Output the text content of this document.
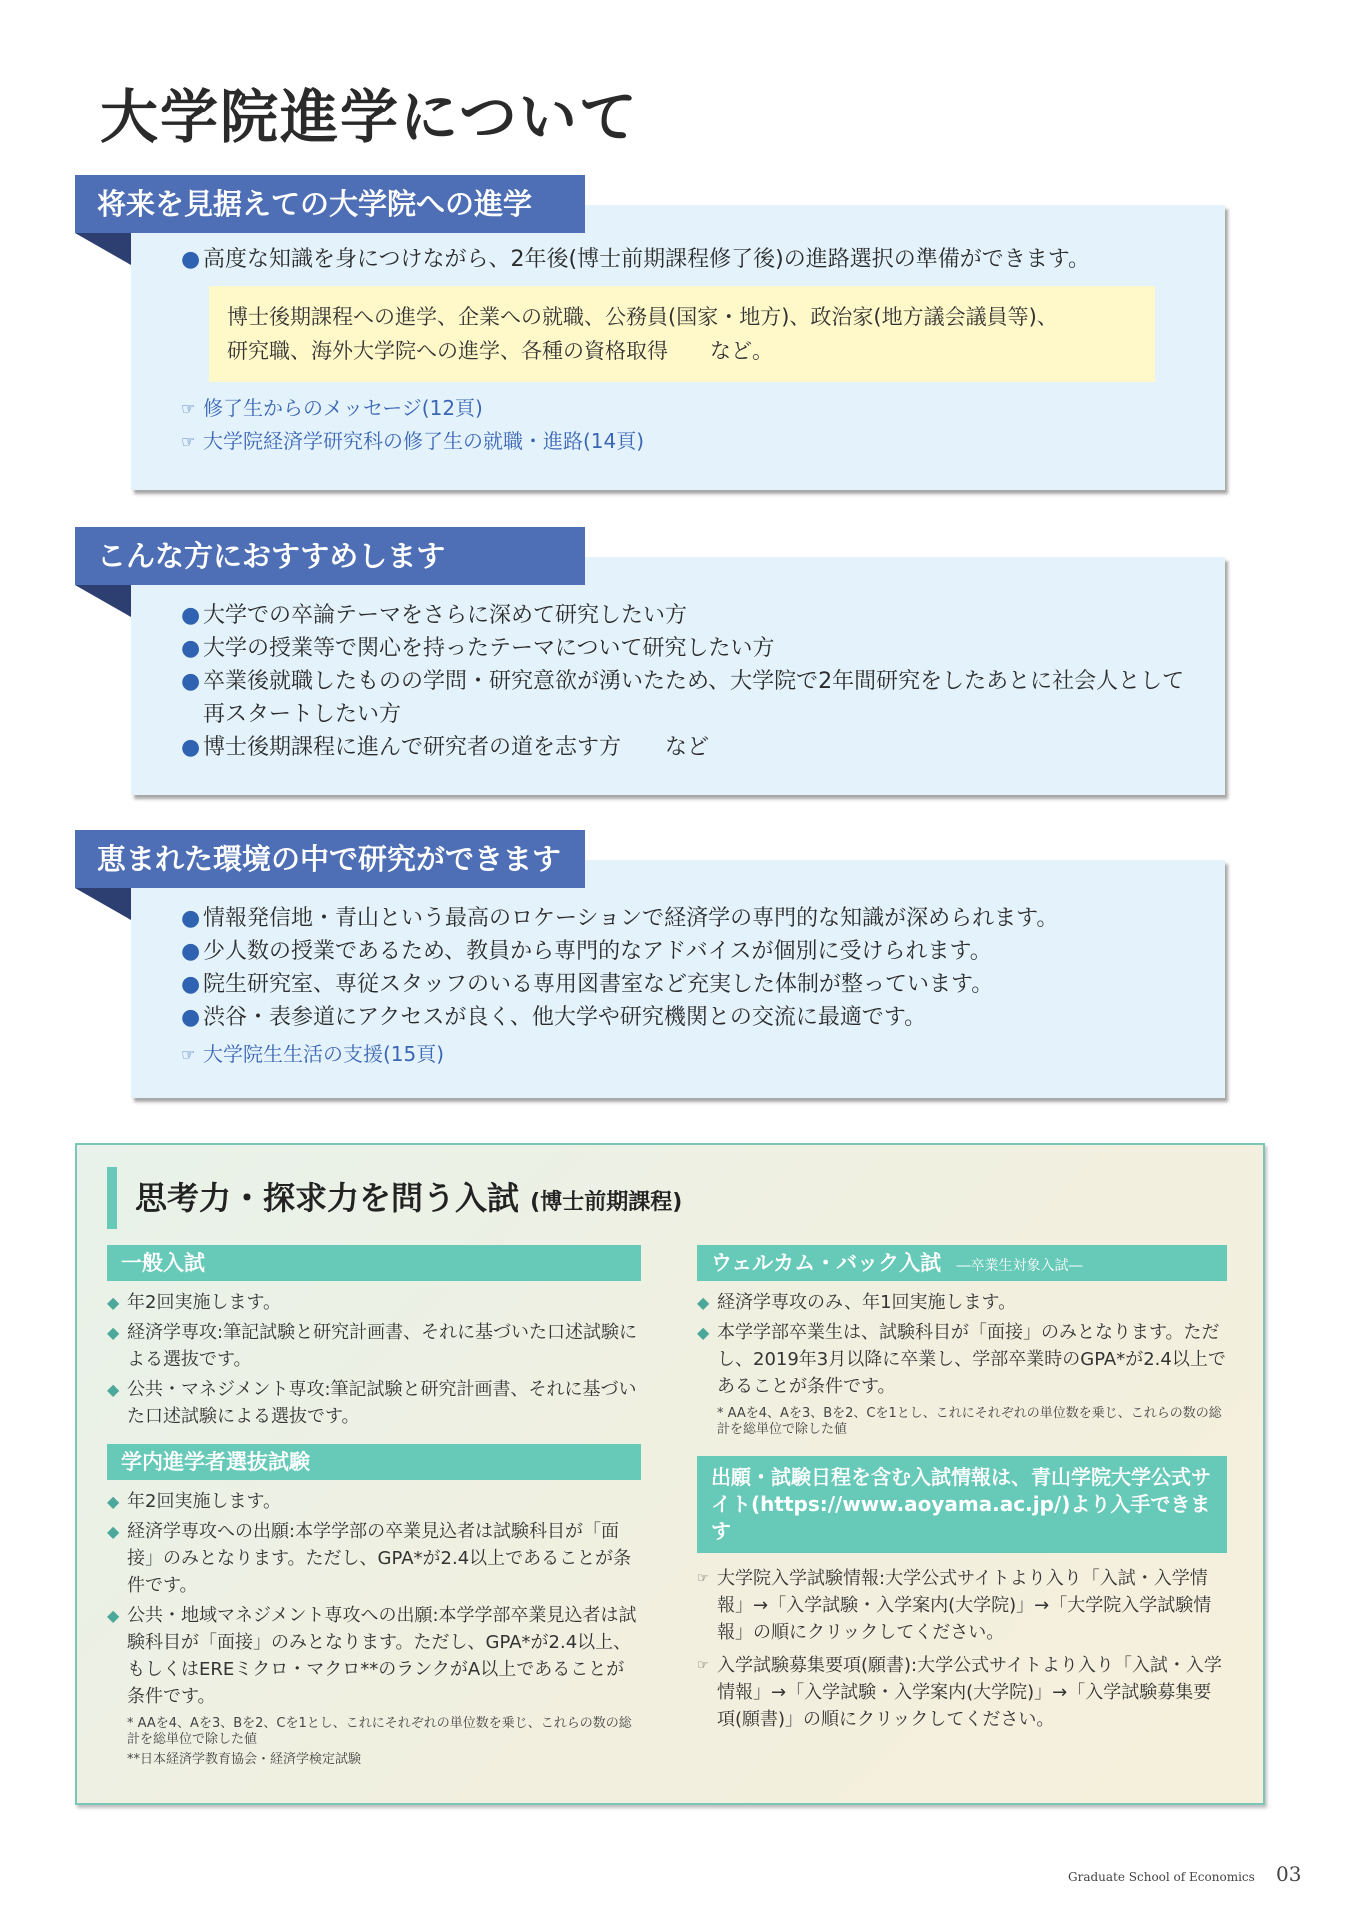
大学院進学について
将来を見据えての大学院への進学
● 高度な知識を身につけながら、2年後(博士前期課程修了後)の進路選択の準備ができます。
博士後期課程への進学、企業への就職、公務員(国家・地方)、政治家(地方議会議員等)、
研究職、海外大学院への進学、各種の資格取得　　など。
☞ 修了生からのメッセージ(12頁)
☞ 大学院経済学研究科の修了生の就職・進路(14頁)
こんな方におすすめします
● 大学での卒論テーマをさらに深めて研究したい方
● 大学の授業等で関心を持ったテーマについて研究したい方
● 卒業後就職したものの学問・研究意欲が湧いたため、大学院で2年間研究をしたあとに社会人として
再スタートしたい方
● 博士後期課程に進んで研究者の道を志す方　　など
恵まれた環境の中で研究ができます
● 情報発信地・青山という最高のロケーションで経済学の専門的な知識が深められます。
● 少人数の授業であるため、教員から専門的なアドバイスが個別に受けられます。
● 院生研究室、専従スタッフのいる専用図書室など充実した体制が整っています。
● 渋谷・表参道にアクセスが良く、他大学や研究機関との交流に最適です。
☞ 大学院生生活の支援(15頁)
思考力・探求力を問う入試 (博士前期課程)
一般入試
◆ 年2回実施します。
◆ 経済学専攻:筆記試験と研究計画書、それに基づいた口述試験による選抜です。
◆ 公共・マネジメント専攻:筆記試験と研究計画書、それに基づいた口述試験による選抜です。
学内進学者選抜試験
◆ 年2回実施します。
◆ 経済学専攻への出願:本学学部の卒業見込者は試験科目が「面接」のみとなります。ただし、GPA*が2.4以上であることが条件です。
◆ 公共・地域マネジメント専攻への出願:本学学部卒業見込者は試験科目が「面接」のみとなります。ただし、GPA*が2.4以上、もしくはEREミクロ・マクロ**のランクがA以上であることが条件です。
* AAを4、Aを3、Bを2、Cを1とし、これにそれぞれの単位数を乗じ、これらの数の総計を総単位で除した値
**日本経済学教育協会・経済学検定試験
ウェルカム・バック入試 ―卒業生対象入試―
◆ 経済学専攻のみ、年1回実施します。
◆ 本学学部卒業生は、試験科目が「面接」のみとなります。ただし、2019年3月以降に卒業し、学部卒業時のGPA*が2.4以上であることが条件です。
* AAを4、Aを3、Bを2、Cを1とし、これにそれぞれの単位数を乗じ、これらの数の総計を総単位で除した値
出願・試験日程を含む入試情報は、青山学院大学公式サイト(https://www.aoyama.ac.jp/)より入手できます
☞ 大学院入学試験情報:大学公式サイトより入り「入試・入学情報」→「入学試験・入学案内(大学院)」→「大学院入学試験情報」の順にクリックしてください。
☞ 入学試験募集要項(願書):大学公式サイトより入り「入試・入学情報」→「入学試験・入学案内(大学院)」→「入学試験募集要項(願書)」の順にクリックしてください。
Graduate School of Economics 03
